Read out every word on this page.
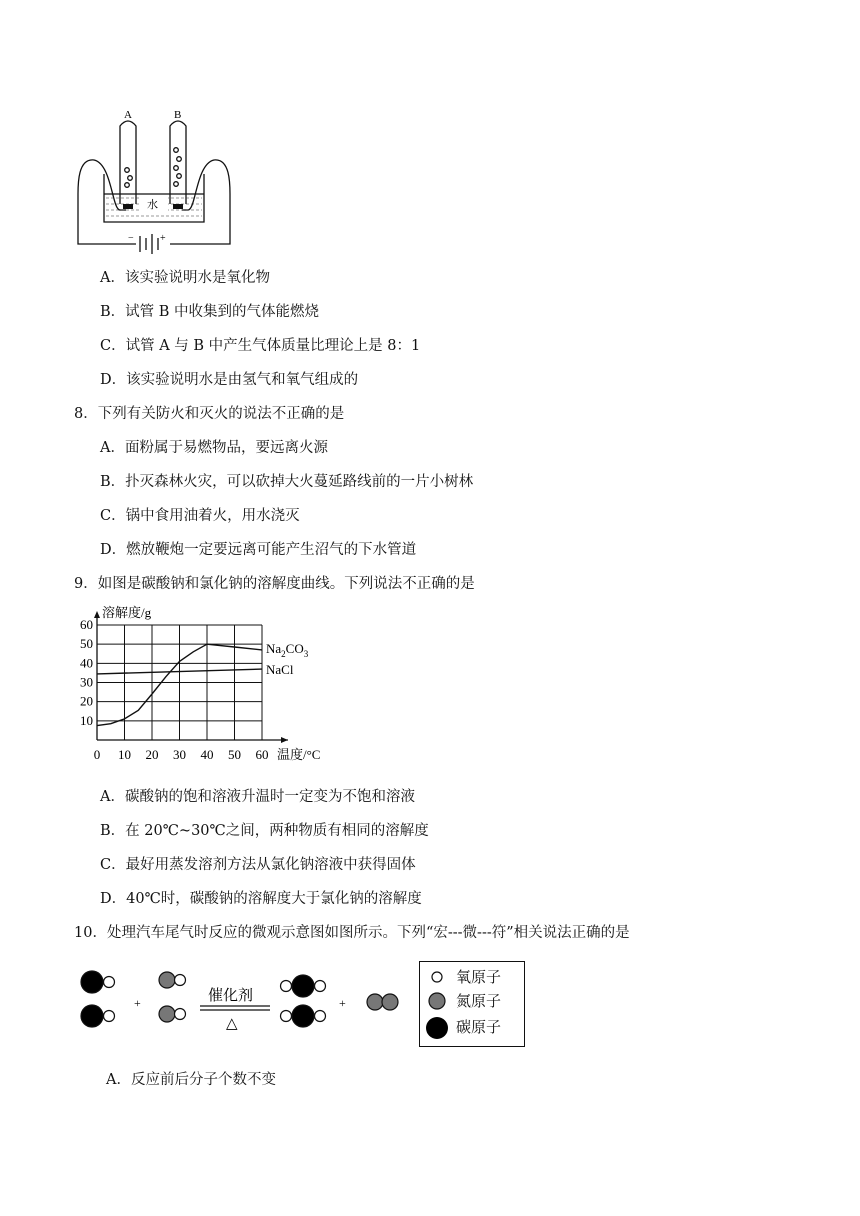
水
A	B
−	+
A．该实验说明水是氧化物
B．试管 B 中收集到的气体能燃烧
C．试管 A 与 B 中产生气体质量比理论上是 8：1
D．该实验说明水是由氢气和氧气组成的
8．下列有关防火和灭火的说法不正确的是
A．面粉属于易燃物品，要远离火源
B．扑灭森林火灾，可以砍掉大火蔓延路线前的一片小树林
C．锅中食用油着火，用水浇灭
D．燃放鞭炮一定要远离可能产生沼气的下水管道
9．如图是碳酸钠和氯化钠的溶解度曲线。下列说法不正确的是
0 10 20 30 40 50 60
10
20
30
40
50
60
溶解度/g
温度/°C
$Na_2CO_3$
NaCl
A．碳酸钠的饱和溶液升温时一定变为不饱和溶液
B．在 20℃~30℃之间，两种物质有相同的溶解度
C．最好用蒸发溶剂方法从氯化钠溶液中获得固体
D．40℃时，碳酸钠的溶解度大于氯化钠的溶解度
10．处理汽车尾气时反应的微观示意图如图所示。下列“宏---微---符”相关说法正确的是
+	+
催化剂
△
氧原子
氮原子
碳原子
A．反应前后分子个数不变
